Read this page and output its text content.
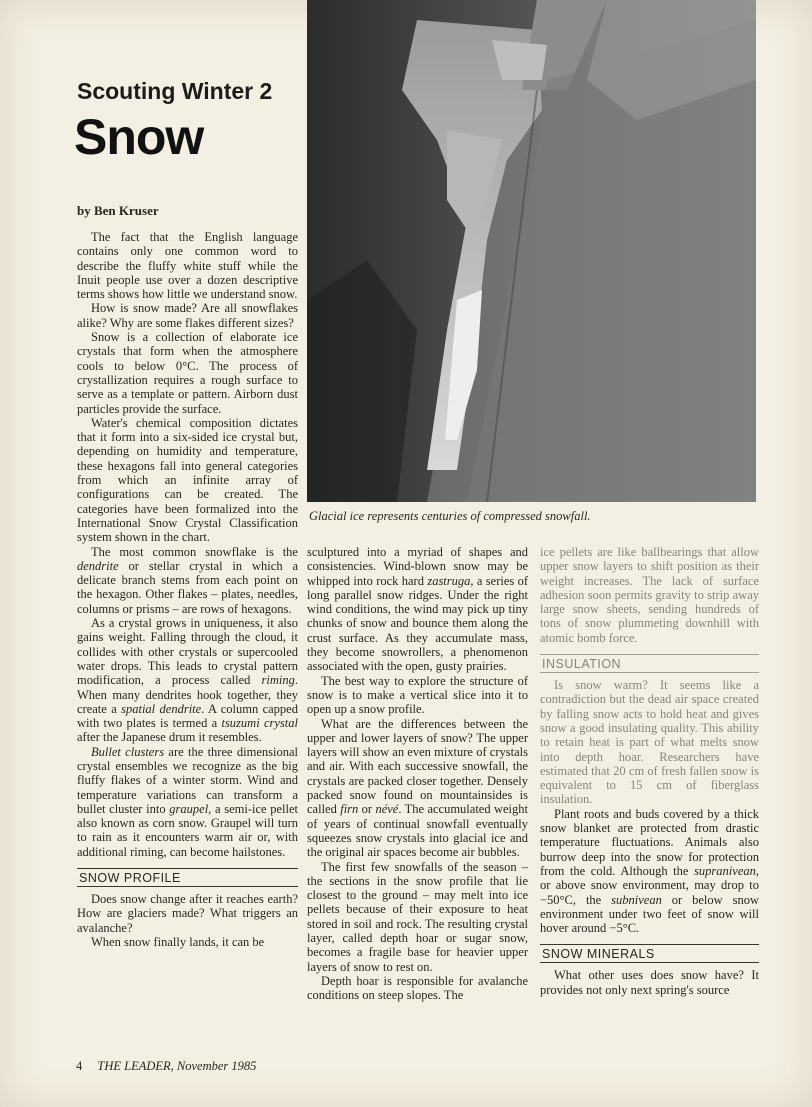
Scouting Winter 2
Snow
by Ben Kruser
Glacial ice represents centuries of compressed snowfall.

The fact that the English language contains only one common word to describe the fluffy white stuff while the Inuit people use over a dozen descriptive terms shows how little we understand snow.

How is snow made? Are all snowflakes alike? Why are some flakes different sizes?

Snow is a collection of elaborate ice crystals that form when the atmosphere cools to below 0°C. The process of crystallization requires a rough surface to serve as a template or pattern. Airborn dust particles provide the surface.

Water's chemical composition dictates that it form into a six-sided ice crystal but, depending on humidity and temperature, these hexagons fall into general categories from which an infinite array of configurations can be created. The categories have been formalized into the International Snow Crystal Classification system shown in the chart.

The most common snowflake is the dendrite or stellar crystal in which a delicate branch stems from each point on the hexagon. Other flakes – plates, needles, columns or prisms – are rows of hexagons.

As a crystal grows in uniqueness, it also gains weight. Falling through the cloud, it collides with other crystals or supercooled water drops. This leads to crystal pattern modification, a process called riming. When many dendrites hook together, they create a spatial dendrite. A column capped with two plates is termed a tsuzumi crystal after the Japanese drum it resembles.

Bullet clusters are the three dimensional crystal ensembles we recognize as the big fluffy flakes of a winter storm. Wind and temperature variations can transform a bullet cluster into graupel, a semi-ice pellet also known as corn snow. Graupel will turn to rain as it encounters warm air or, with additional riming, can become hailstones.

SNOW PROFILE

Does snow change after it reaches earth? How are glaciers made? What triggers an avalanche?

When snow finally lands, it can be

sculptured into a myriad of shapes and consistencies. Wind-blown snow may be whipped into rock hard zastruga, a series of long parallel snow ridges. Under the right wind conditions, the wind may pick up tiny chunks of snow and bounce them along the crust surface. As they accumulate mass, they become snowrollers, a phenomenon associated with the open, gusty prairies.

The best way to explore the structure of snow is to make a vertical slice into it to open up a snow profile.

What are the differences between the upper and lower layers of snow? The upper layers will show an even mixture of crystals and air. With each successive snowfall, the crystals are packed closer together. Densely packed snow found on mountainsides is called firn or névé. The accumulated weight of years of continual snowfall eventually squeezes snow crystals into glacial ice and the original air spaces become air bubbles.

The first few snowfalls of the season – the sections in the snow profile that lie closest to the ground – may melt into ice pellets because of their exposure to heat stored in soil and rock. The resulting crystal layer, called depth hoar or sugar snow, becomes a fragile base for heavier upper layers of snow to rest on.

Depth hoar is responsible for avalanche conditions on steep slopes. The

ice pellets are like ballbearings that allow upper snow layers to shift position as their weight increases. The lack of surface adhesion soon permits gravity to strip away large snow sheets, sending hundreds of tons of snow plummeting downhill with atomic bomb force.

INSULATION

Is snow warm? It seems like a contradiction but the dead air space created by falling snow acts to hold heat and gives snow a good insulating quality. This ability to retain heat is part of what melts snow into depth hoar. Researchers have estimated that 20 cm of fresh fallen snow is equivalent to 15 cm of fiberglass insulation.

Plant roots and buds covered by a thick snow blanket are protected from drastic temperature fluctuations. Animals also burrow deep into the snow for protection from the cold. Although the supranivean, or above snow environment, may drop to −50°C, the subnivean or below snow environment under two feet of snow will hover around −5°C.

SNOW MINERALS

What other uses does snow have? It provides not only next spring's source

4 THE LEADER, November 1985
